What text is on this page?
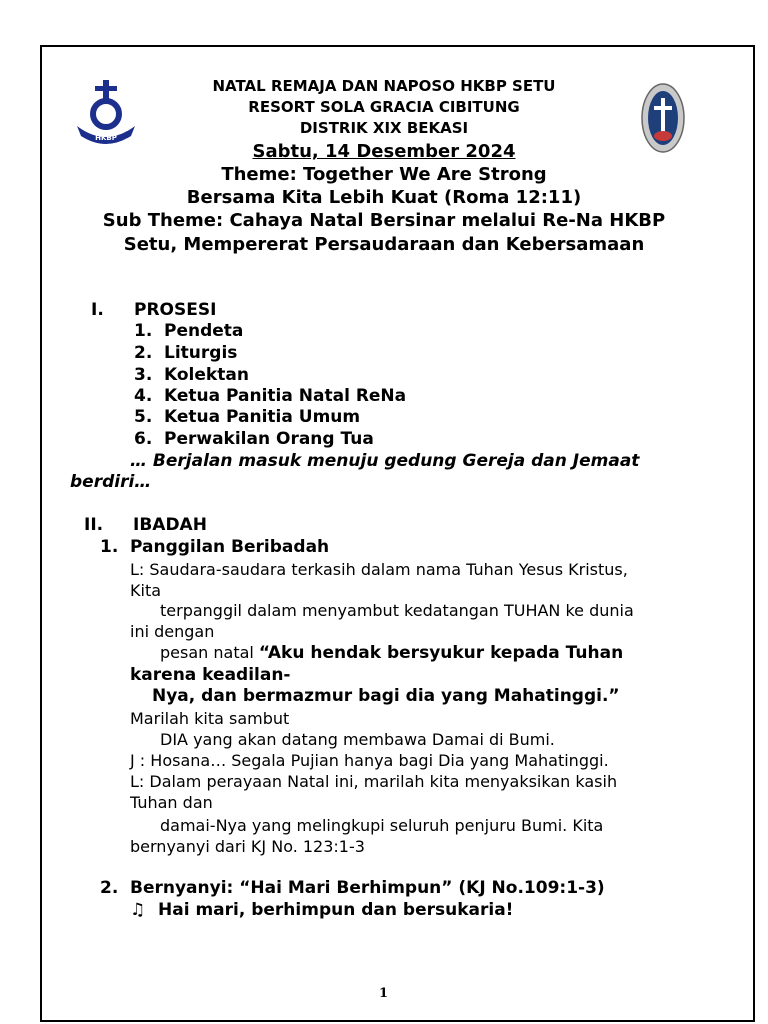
HKBP
NATAL REMAJA DAN NAPOSO HKBP SETU
RESORT SOLA GRACIA CIBITUNG
DISTRIK XIX BEKASI
Sabtu, 14 Desember 2024
Theme: Together We Are Strong
Bersama Kita Lebih Kuat (Roma 12:11)
Sub Theme: Cahaya Natal Bersinar melalui Re-Na HKBP
Setu, Mempererat Persaudaraan dan Kebersamaan
I. PROSESI
1. Pendeta
2. Liturgis
3. Kolektan
4. Ketua Panitia Natal ReNa
5. Ketua Panitia Umum
6. Perwakilan Orang Tua
… Berjalan masuk menuju gedung Gereja dan Jemaat
berdiri…
II. IBADAH
1. Panggilan Beribadah
L: Saudara-saudara terkasih dalam nama Tuhan Yesus Kristus,
Kita
terpanggil dalam menyambut kedatangan TUHAN ke dunia
ini dengan
pesan natal “Aku hendak bersyukur kepada Tuhan
karena keadilan-
Nya, dan bermazmur bagi dia yang Mahatinggi.”
Marilah kita sambut
DIA yang akan datang membawa Damai di Bumi.
J : Hosana… Segala Pujian hanya bagi Dia yang Mahatinggi.
L: Dalam perayaan Natal ini, marilah kita menyaksikan kasih
Tuhan dan
damai-Nya yang melingkupi seluruh penjuru Bumi. Kita
bernyanyi dari KJ No. 123:1-3
2. Bernyanyi: “Hai Mari Berhimpun” (KJ No.109:1-3)
♫ Hai mari, berhimpun dan bersukaria!
1
